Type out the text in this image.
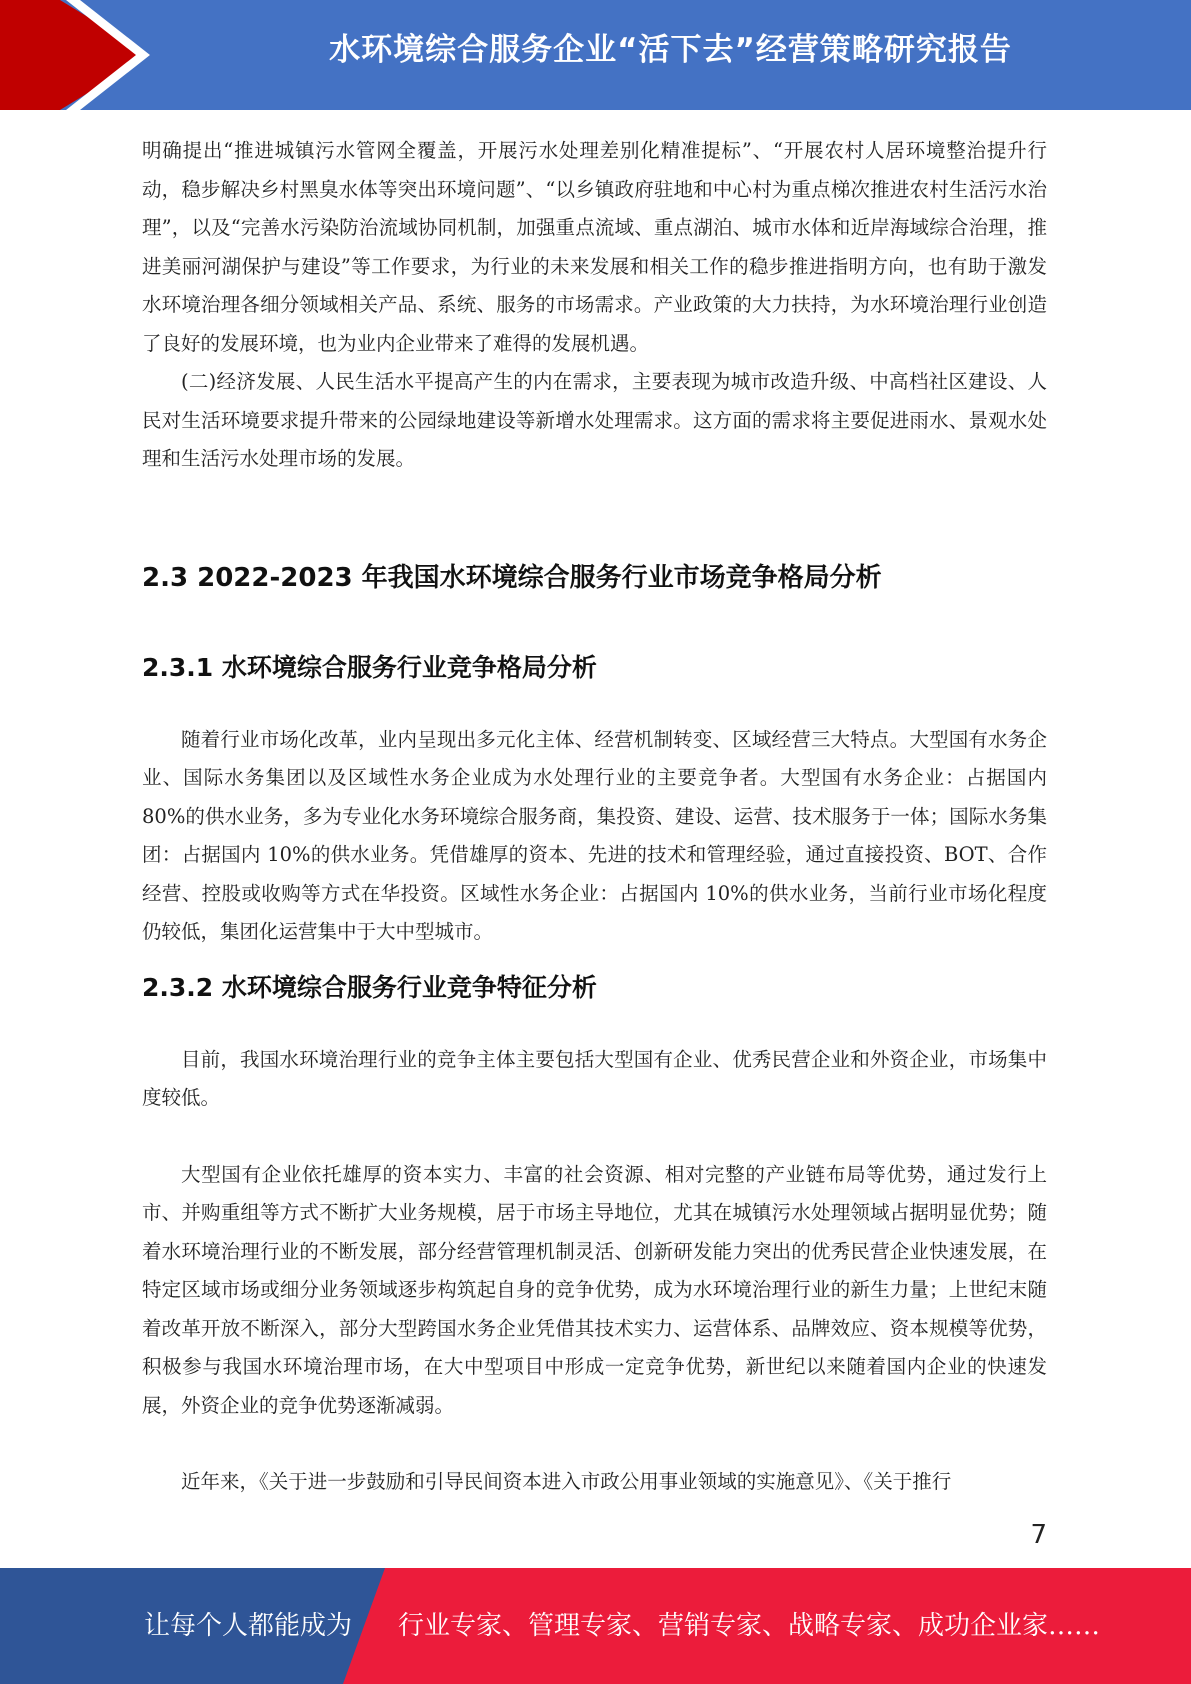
水环境综合服务企业“活下去”经营策略研究报告

明确提出“推进城镇污水管网全覆盖，开展污水处理差别化精准提标”、“开展农村人居环境整治提升行动，稳步解决乡村黑臭水体等突出环境问题”、“以乡镇政府驻地和中心村为重点梯次推进农村生活污水治理”，以及“完善水污染防治流域协同机制，加强重点流域、重点湖泊、城市水体和近岸海域综合治理，推进美丽河湖保护与建设”等工作要求，为行业的未来发展和相关工作的稳步推进指明方向，也有助于激发水环境治理各细分领域相关产品、系统、服务的市场需求。产业政策的大力扶持，为水环境治理行业创造了良好的发展环境，也为业内企业带来了难得的发展机遇。

(二)经济发展、人民生活水平提高产生的内在需求，主要表现为城市改造升级、中高档社区建设、人民对生活环境要求提升带来的公园绿地建设等新增水处理需求。这方面的需求将主要促进雨水、景观水处理和生活污水处理市场的发展。

2.3 2022-2023 年我国水环境综合服务行业市场竞争格局分析
2.3.1 水环境综合服务行业竞争格局分析

随着行业市场化改革，业内呈现出多元化主体、经营机制转变、区域经营三大特点。大型国有水务企业、国际水务集团以及区域性水务企业成为水处理行业的主要竞争者。大型国有水务企业：占据国内 80%的供水业务，多为专业化水务环境综合服务商，集投资、建设、运营、技术服务于一体；国际水务集团：占据国内 10%的供水业务。凭借雄厚的资本、先进的技术和管理经验，通过直接投资、BOT、合作经营、控股或收购等方式在华投资。区域性水务企业：占据国内 10%的供水业务，当前行业市场化程度仍较低，集团化运营集中于大中型城市。

2.3.2 水环境综合服务行业竞争特征分析

目前，我国水环境治理行业的竞争主体主要包括大型国有企业、优秀民营企业和外资企业，市场集中度较低。

大型国有企业依托雄厚的资本实力、丰富的社会资源、相对完整的产业链布局等优势，通过发行上市、并购重组等方式不断扩大业务规模，居于市场主导地位，尤其在城镇污水处理领域占据明显优势；随着水环境治理行业的不断发展，部分经营管理机制灵活、创新研发能力突出的优秀民营企业快速发展，在特定区域市场或细分业务领域逐步构筑起自身的竞争优势，成为水环境治理行业的新生力量；上世纪末随着改革开放不断深入，部分大型跨国水务企业凭借其技术实力、运营体系、品牌效应、资本规模等优势，积极参与我国水环境治理市场，在大中型项目中形成一定竞争优势，新世纪以来随着国内企业的快速发展，外资企业的竞争优势逐渐减弱。

近年来，《关于进一步鼓励和引导民间资本进入市政公用事业领域的实施意见》、《关于推行

7
让每个人都能成为 行业专家、管理专家、营销专家、战略专家、成功企业家……
